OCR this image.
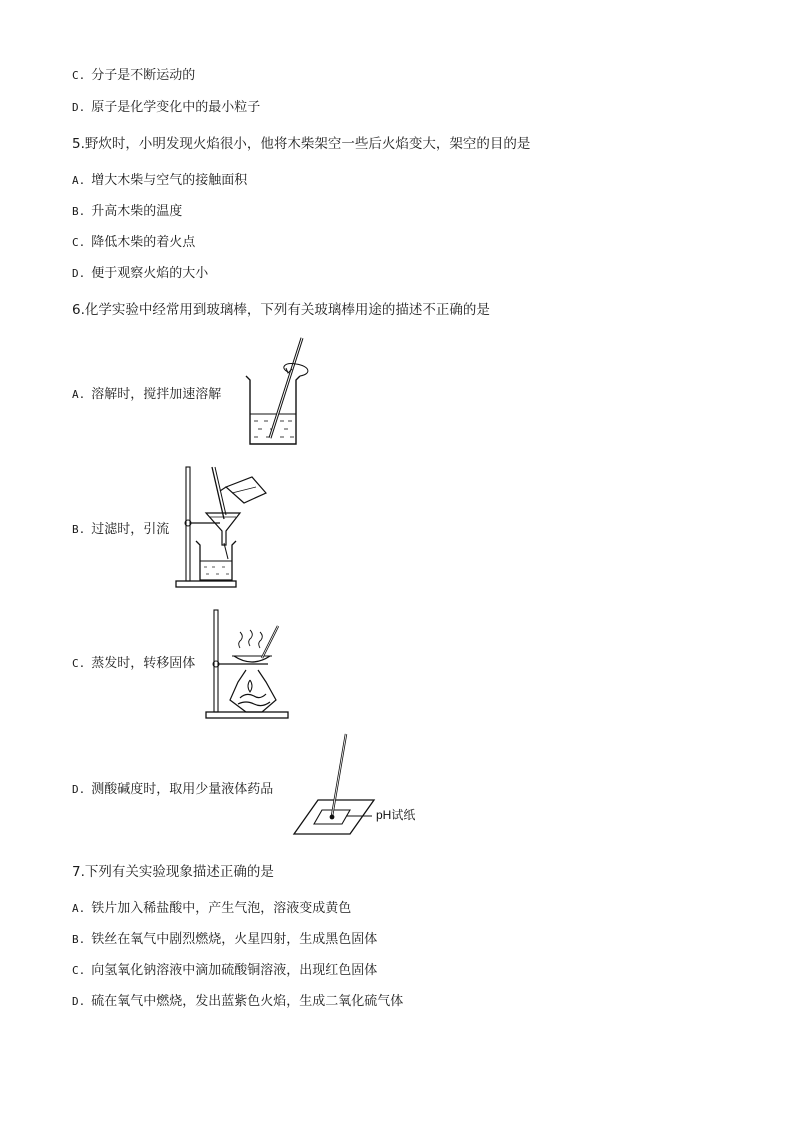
C. 分子是不断运动的
D. 原子是化学变化中的最小粒子
5.野炊时，小明发现火焰很小，他将木柴架空一些后火焰变大，架空的目的是
A. 增大木柴与空气的接触面积
B. 升高木柴的温度
C. 降低木柴的着火点
D. 便于观察火焰的大小
6.化学实验中经常用到玻璃棒，下列有关玻璃棒用途的描述不正确的是
A. 溶解时，搅拌加速溶解
B. 过滤时，引流
C. 蒸发时，转移固体
D. 测酸碱度时，取用少量液体药品
pH试纸
7.下列有关实验现象描述正确的是
A. 铁片加入稀盐酸中，产生气泡，溶液变成黄色
B. 铁丝在氧气中剧烈燃烧，火星四射，生成黑色固体
C. 向氢氧化钠溶液中滴加硫酸铜溶液，出现红色固体
D. 硫在氧气中燃烧，发出蓝紫色火焰，生成二氧化硫气体
